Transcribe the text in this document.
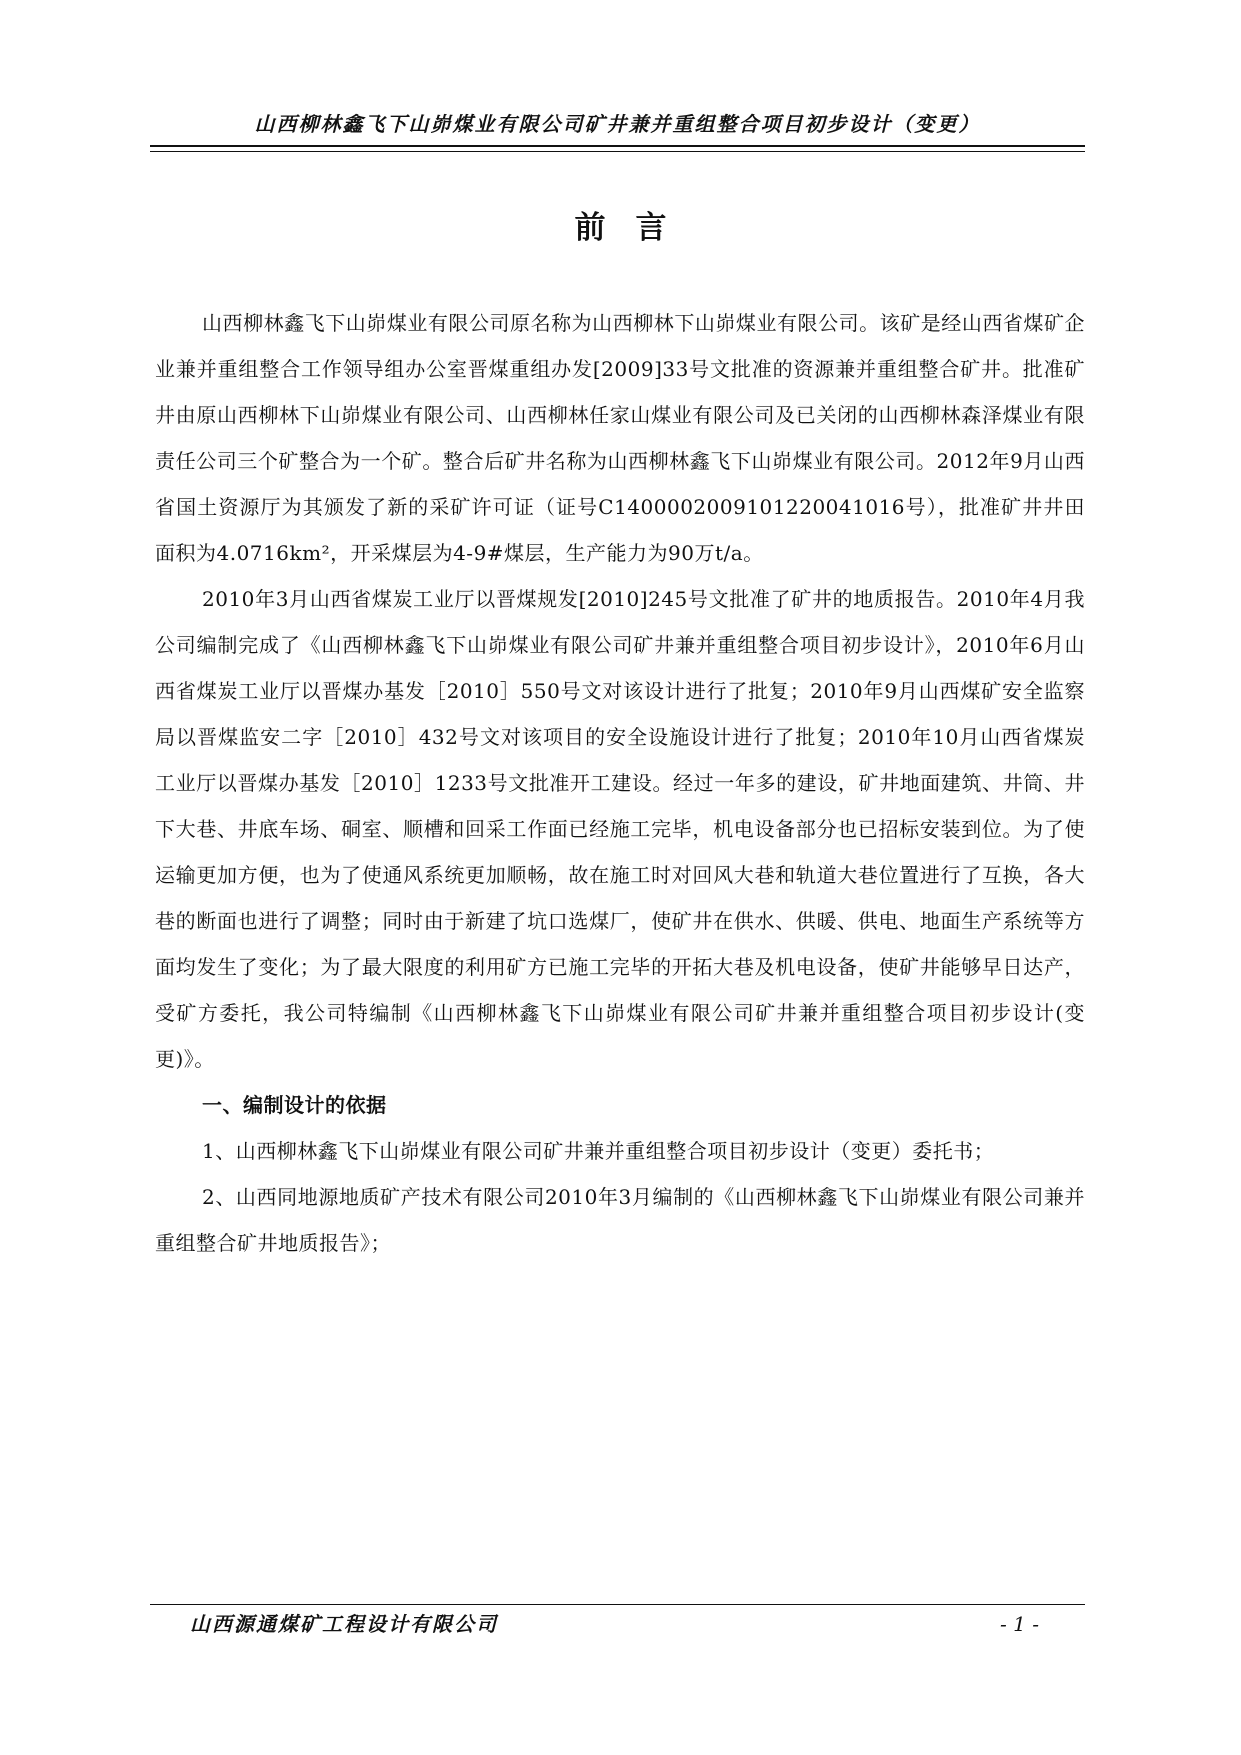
山西柳林鑫飞下山峁煤业有限公司矿井兼并重组整合项目初步设计（变更）
前言

山西柳林鑫飞下山峁煤业有限公司原名称为山西柳林下山峁煤业有限公司。该矿是经山西省煤矿企业兼并重组整合工作领导组办公室晋煤重组办发[2009]33号文批准的资源兼并重组整合矿井。批准矿井由原山西柳林下山峁煤业有限公司、山西柳林任家山煤业有限公司及已关闭的山西柳林森泽煤业有限责任公司三个矿整合为一个矿。整合后矿井名称为山西柳林鑫飞下山峁煤业有限公司。2012年9月山西省国土资源厅为其颁发了新的采矿许可证（证号C1400002009101220041016号），批准矿井井田面积为4.0716km²，开采煤层为4-9#煤层，生产能力为90万t/a。

2010年3月山西省煤炭工业厅以晋煤规发[2010]245号文批准了矿井的地质报告。2010年4月我公司编制完成了《山西柳林鑫飞下山峁煤业有限公司矿井兼并重组整合项目初步设计》，2010年6月山西省煤炭工业厅以晋煤办基发［2010］550号文对该设计进行了批复；2010年9月山西煤矿安全监察局以晋煤监安二字［2010］432号文对该项目的安全设施设计进行了批复；2010年10月山西省煤炭工业厅以晋煤办基发［2010］1233号文批准开工建设。经过一年多的建设，矿井地面建筑、井筒、井下大巷、井底车场、硐室、顺槽和回采工作面已经施工完毕，机电设备部分也已招标安装到位。为了使运输更加方便，也为了使通风系统更加顺畅，故在施工时对回风大巷和轨道大巷位置进行了互换，各大巷的断面也进行了调整；同时由于新建了坑口选煤厂，使矿井在供水、供暖、供电、地面生产系统等方面均发生了变化；为了最大限度的利用矿方已施工完毕的开拓大巷及机电设备，使矿井能够早日达产，受矿方委托，我公司特编制《山西柳林鑫飞下山峁煤业有限公司矿井兼并重组整合项目初步设计(变更)》。

一、编制设计的依据

1、山西柳林鑫飞下山峁煤业有限公司矿井兼并重组整合项目初步设计（变更）委托书；

2、山西同地源地质矿产技术有限公司2010年3月编制的《山西柳林鑫飞下山峁煤业有限公司兼并重组整合矿井地质报告》；

山西源通煤矿工程设计有限公司	- 1 -
